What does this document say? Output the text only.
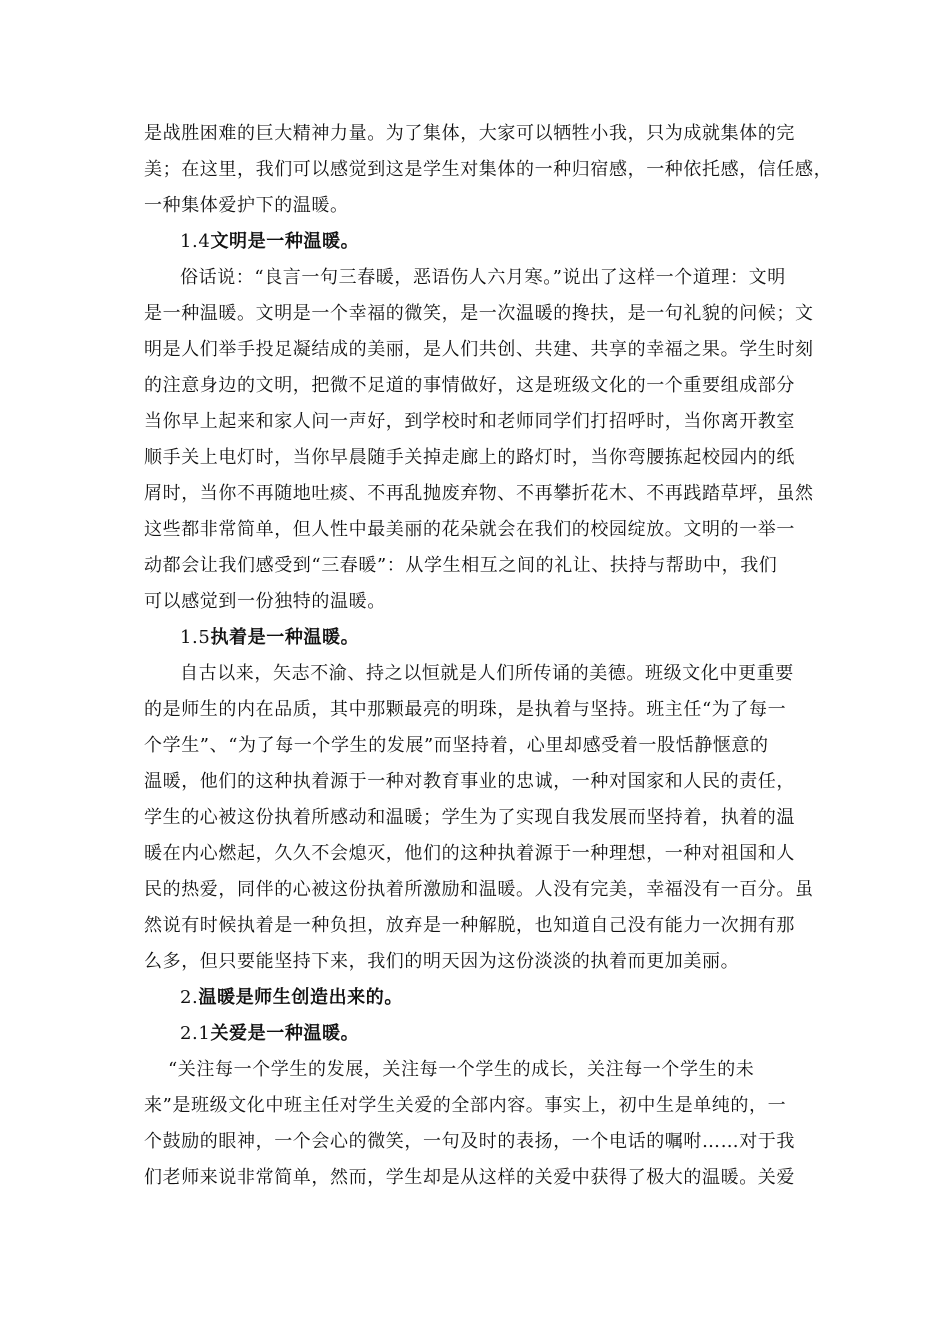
是战胜困难的巨大精神力量。为了集体，大家可以牺牲小我，只为成就集体的完
美；在这里，我们可以感觉到这是学生对集体的一种归宿感，一种依托感，信任感，
一种集体爱护下的温暖。
1.4文明是一种温暖。
俗话说：“良言一句三春暖，恶语伤人六月寒。”说出了这样一个道理：文明
是一种温暖。文明是一个幸福的微笑，是一次温暖的搀扶，是一句礼貌的问候；文
明是人们举手投足凝结成的美丽，是人们共创、共建、共享的幸福之果。学生时刻
的注意身边的文明，把微不足道的事情做好，这是班级文化的一个重要组成部分
当你早上起来和家人问一声好，到学校时和老师同学们打招呼时，当你离开教室
顺手关上电灯时，当你早晨随手关掉走廊上的路灯时，当你弯腰拣起校园内的纸
屑时，当你不再随地吐痰、不再乱抛废弃物、不再攀折花木、不再践踏草坪，虽然
这些都非常简单，但人性中最美丽的花朵就会在我们的校园绽放。文明的一举一
动都会让我们感受到“三春暖”：从学生相互之间的礼让、扶持与帮助中，我们
可以感觉到一份独特的温暖。
1.5执着是一种温暖。
自古以来，矢志不渝、持之以恒就是人们所传诵的美德。班级文化中更重要
的是师生的内在品质，其中那颗最亮的明珠，是执着与坚持。班主任“为了每一
个学生”、“为了每一个学生的发展”而坚持着，心里却感受着一股恬静惬意的
温暖，他们的这种执着源于一种对教育事业的忠诚，一种对国家和人民的责任，
学生的心被这份执着所感动和温暖；学生为了实现自我发展而坚持着，执着的温
暖在内心燃起，久久不会熄灭，他们的这种执着源于一种理想，一种对祖国和人
民的热爱，同伴的心被这份执着所激励和温暖。人没有完美，幸福没有一百分。虽
然说有时候执着是一种负担，放弃是一种解脱，也知道自己没有能力一次拥有那
么多，但只要能坚持下来，我们的明天因为这份淡淡的执着而更加美丽。
2.温暖是师生创造出来的。
2.1关爱是一种温暖。
“关注每一个学生的发展，关注每一个学生的成长，关注每一个学生的未
来”是班级文化中班主任对学生关爱的全部内容。事实上，初中生是单纯的，一
个鼓励的眼神，一个会心的微笑，一句及时的表扬，一个电话的嘱咐……对于我
们老师来说非常简单，然而，学生却是从这样的关爱中获得了极大的温暖。关爱
